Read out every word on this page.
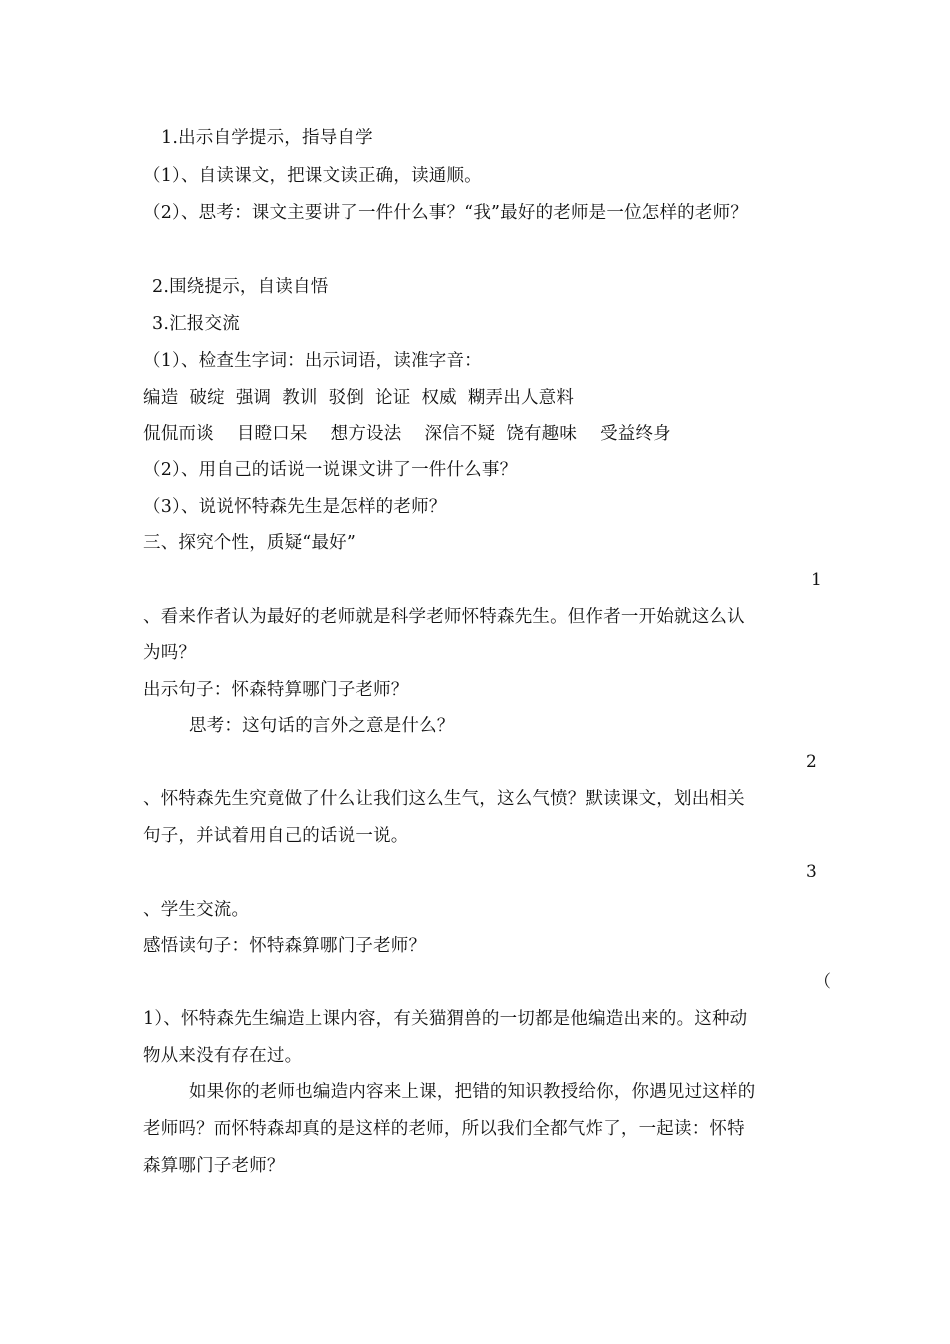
1.出示自学提示，指导自学
（1）、自读课文，把课文读正确，读通顺。
（2）、思考：课文主要讲了一件什么事？“我”最好的老师是一位怎样的老师？
2.围绕提示，自读自悟
3.汇报交流
（1）、检查生字词：出示词语，读准字音：
编造 破绽 强调 教训 驳倒 论证 权威 糊弄出人意料
侃侃而谈 目瞪口呆 想方设法 深信不疑 饶有趣味 受益终身
（2）、用自己的话说一说课文讲了一件什么事？
（3）、说说怀特森先生是怎样的老师？
三、探究个性，质疑“最好”
1
、看来作者认为最好的老师就是科学老师怀特森先生。但作者一开始就这么认
为吗？
出示句子：怀森特算哪门子老师？
思考：这句话的言外之意是什么？
2
、怀特森先生究竟做了什么让我们这么生气，这么气愤？默读课文，划出相关
句子，并试着用自己的话说一说。
3
、学生交流。
感悟读句子：怀特森算哪门子老师？
（
1）、怀特森先生编造上课内容，有关猫猬兽的一切都是他编造出来的。这种动
物从来没有存在过。
如果你的老师也编造内容来上课，把错的知识教授给你，你遇见过这样的
老师吗？而怀特森却真的是这样的老师，所以我们全都气炸了，一起读：怀特
森算哪门子老师？
